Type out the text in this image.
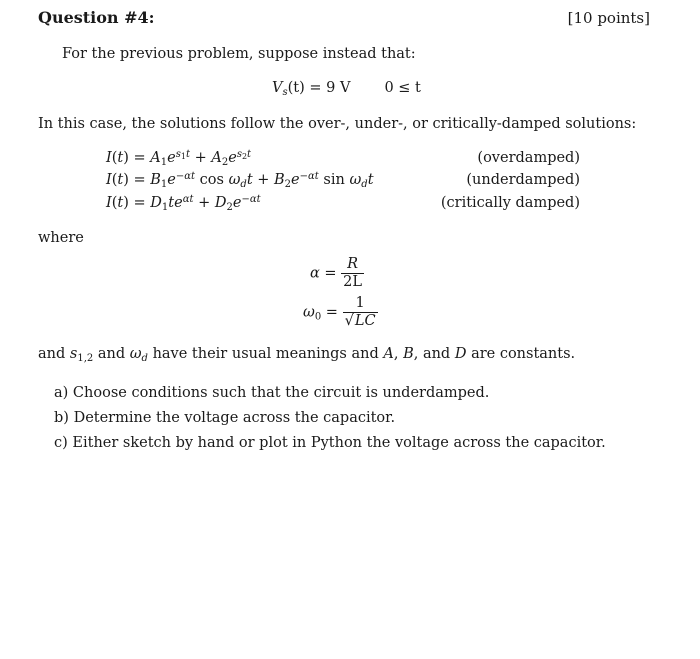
Question #4:	[10 points]
For the previous problem, suppose instead that:
$V_s(t) = 9$ V 0 ≤ t
In this case, the solutions follow the over-, under-, or critically-damped solutions:
$I(t) = A_1e^{s_1t} + A_2e^{s_2t}$	(overdamped)
$I(t) = B_1e^{-\alpha t}$ $\cos \omega_dt + B_2e^{-\alpha t}$ $\sin \omega_dt$	(underdamped)
$I(t) = D_1te^{\alpha t} + D_2e^{-\alpha t}$	(critically damped)
where
$\alpha = \frac{R}{2L}$
$\omega_0 = \frac{1}{√LC}$
and $s_{1,2}$ and $\omega_d$ have their usual meanings and A, B, and D are constants.
a) Choose conditions such that the circuit is underdamped.
b) Determine the voltage across the capacitor.
c) Either sketch by hand or plot in Python the voltage across the capacitor.
